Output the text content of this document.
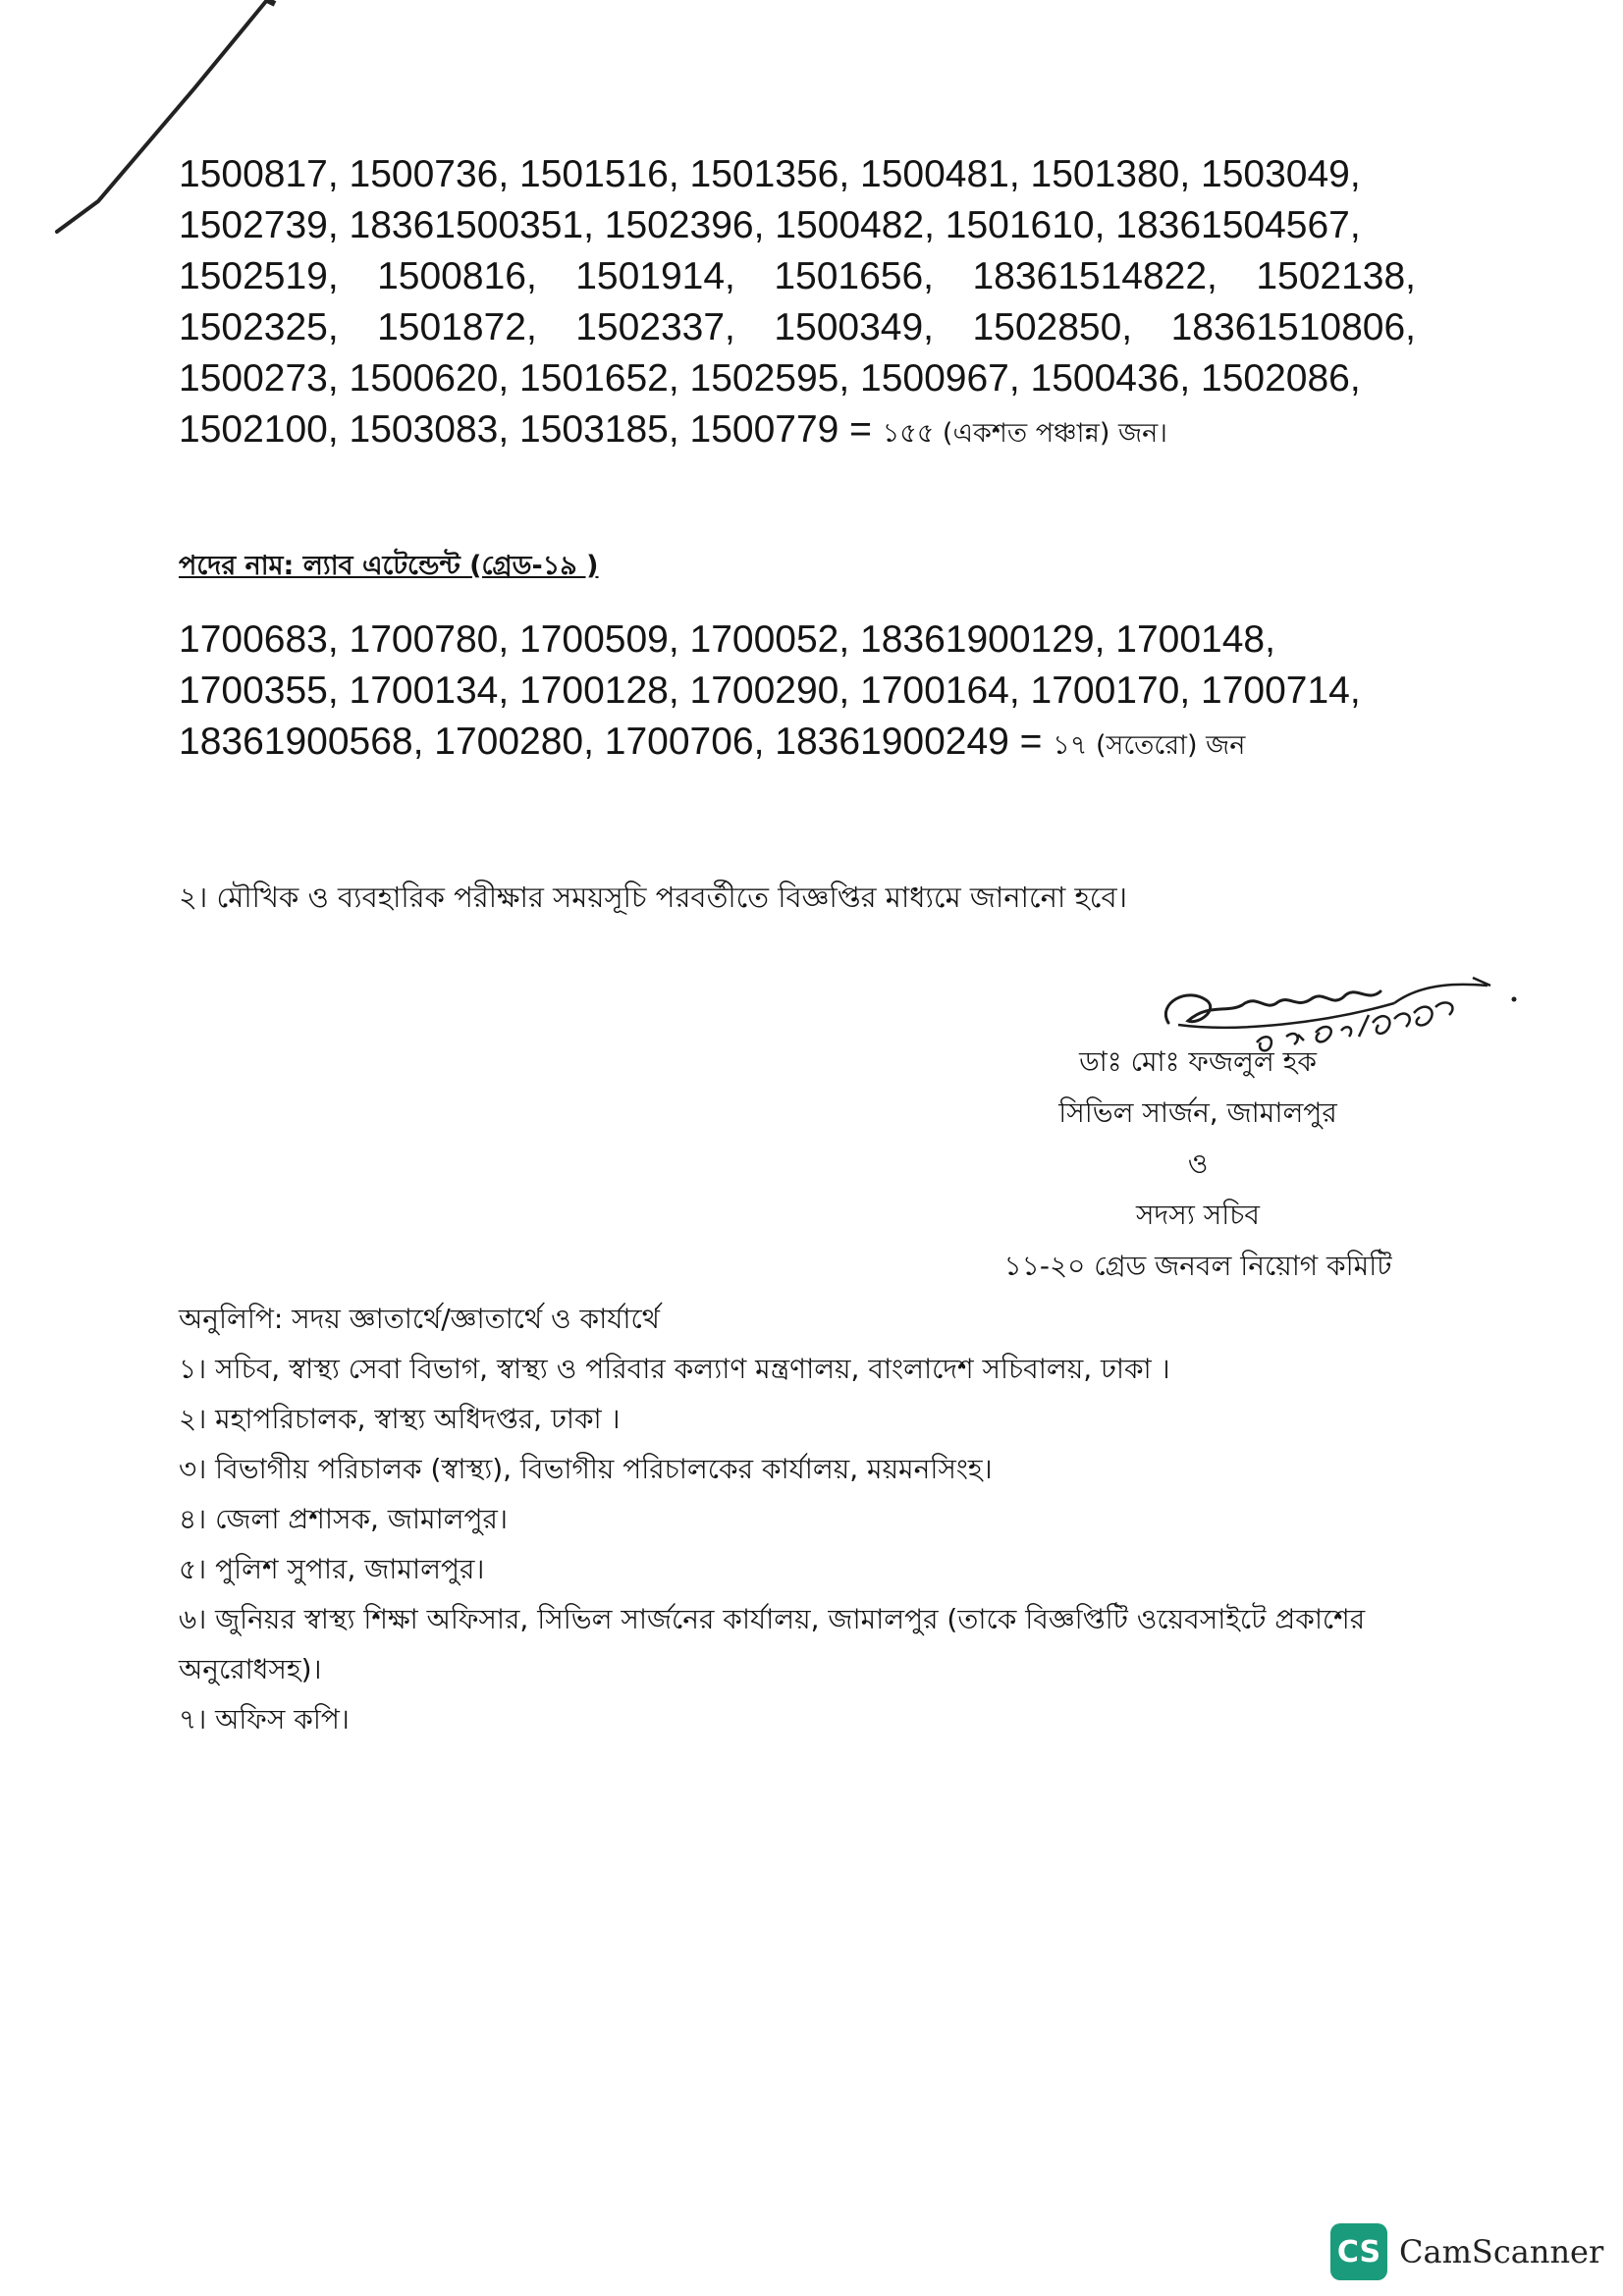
1500817, 1500736, 1501516, 1501356, 1500481, 1501380, 1503049,
1502739, 18361500351, 1502396, 1500482, 1501610, 18361504567,
1502519, 1500816, 1501914, 1501656, 18361514822, 1502138,
1502325, 1501872, 1502337, 1500349, 1502850, 18361510806,
1500273, 1500620, 1501652, 1502595, 1500967, 1500436, 1502086,
1502100, 1503083, 1503185, 1500779 = ১৫৫ (একশত পঞ্চান্ন) জন।
পদের নাম: ল্যাব এটেন্ডেন্ট (গ্রেড-১৯ )
1700683, 1700780, 1700509, 1700052, 18361900129, 1700148,
1700355, 1700134, 1700128, 1700290, 1700164, 1700170, 1700714,
18361900568, 1700280, 1700706, 18361900249 = ১৭ (সতেরো) জন
২। মৌখিক ও ব্যবহারিক পরীক্ষার সময়সূচি পরবর্তীতে বিজ্ঞপ্তির মাধ্যমে জানানো হবে।
ডাঃ মোঃ ফজলুল হক
সিভিল সার্জন, জামালপুর
ও
সদস্য সচিব
১১-২০ গ্রেড জনবল নিয়োগ কমিটি
অনুলিপি: সদয় জ্ঞাতার্থে/জ্ঞাতার্থে ও কার্যার্থে
১। সচিব, স্বাস্থ্য সেবা বিভাগ, স্বাস্থ্য ও পরিবার কল্যাণ মন্ত্রণালয়, বাংলাদেশ সচিবালয়, ঢাকা ।
২। মহাপরিচালক, স্বাস্থ্য অধিদপ্তর, ঢাকা ।
৩। বিভাগীয় পরিচালক (স্বাস্থ্য), বিভাগীয় পরিচালকের কার্যালয়, ময়মনসিংহ।
৪। জেলা প্রশাসক, জামালপুর।
৫। পুলিশ সুপার, জামালপুর।
৬। জুনিয়র স্বাস্থ্য শিক্ষা অফিসার, সিভিল সার্জনের কার্যালয়, জামালপুর (তাকে বিজ্ঞপ্তিটি ওয়েবসাইটে প্রকাশের
অনুরোধসহ)।
৭। অফিস কপি।
CS CamScanner
